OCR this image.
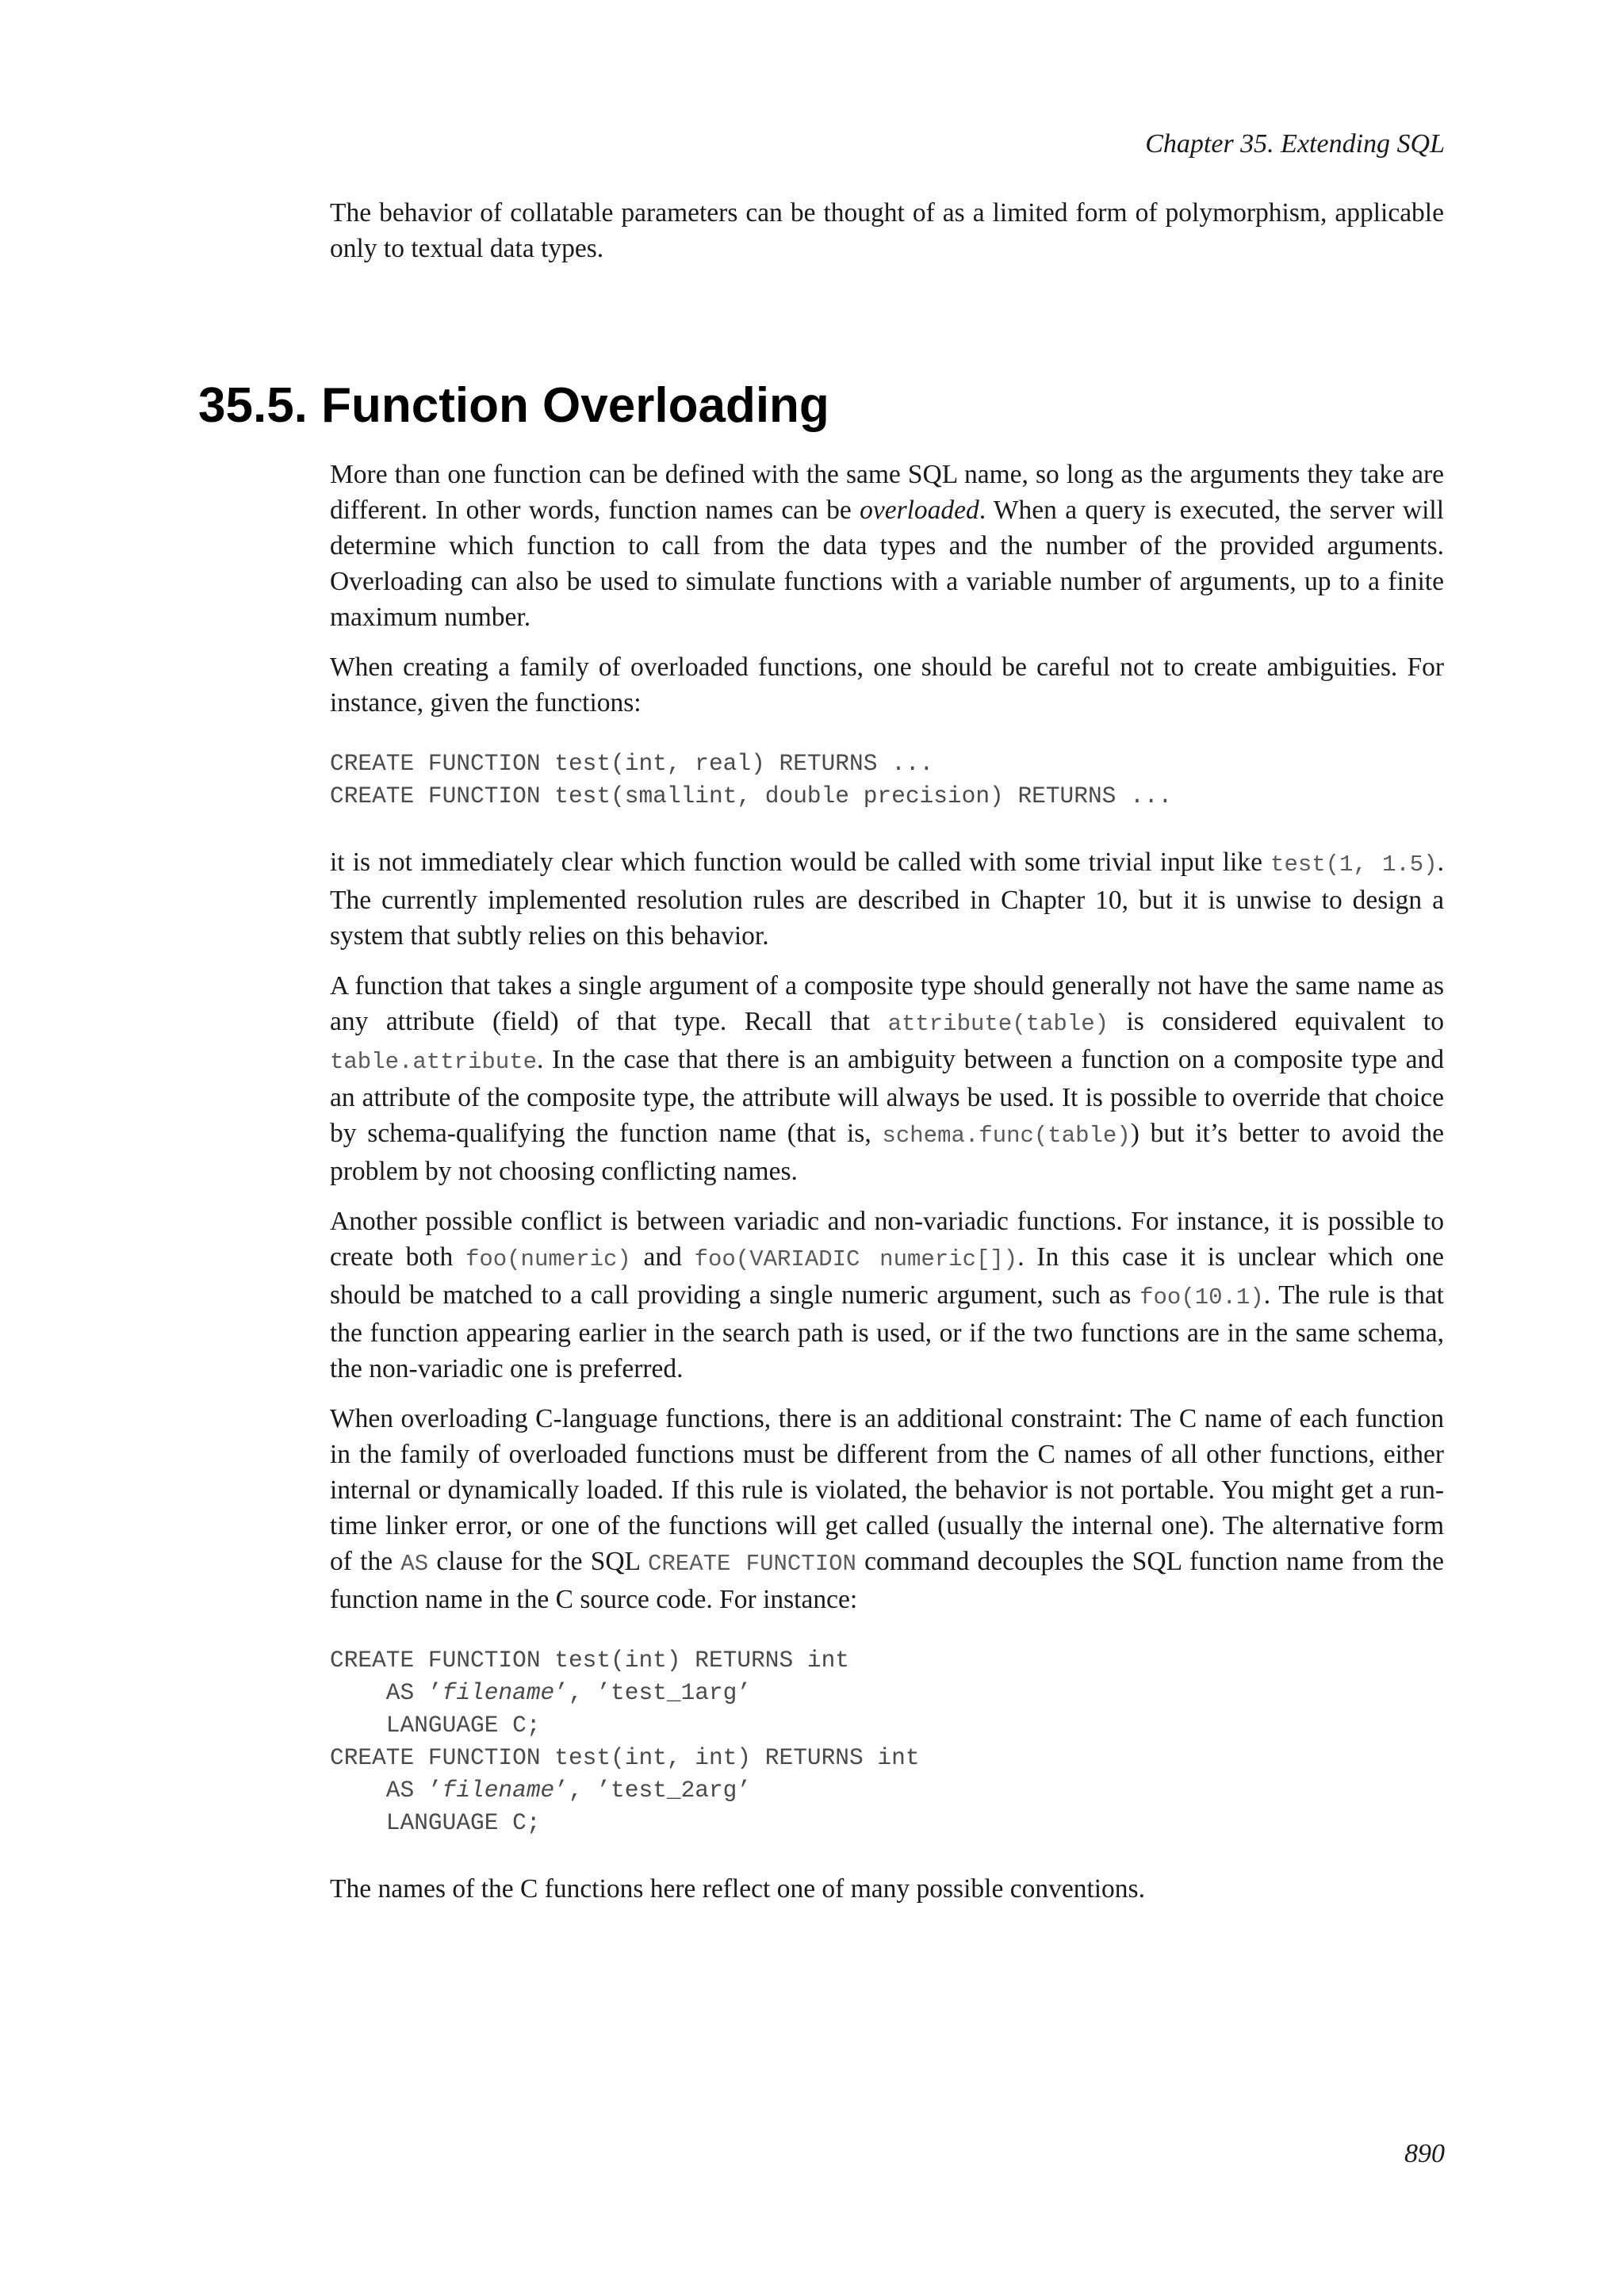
Chapter 35. Extending SQL

The behavior of collatable parameters can be thought of as a limited form of polymorphism, applicable only to textual data types.

35.5. Function Overloading

More than one function can be defined with the same SQL name, so long as the arguments they take are different. In other words, function names can be overloaded. When a query is executed, the server will determine which function to call from the data types and the number of the provided arguments. Overloading can also be used to simulate functions with a variable number of arguments, up to a finite maximum number.

When creating a family of overloaded functions, one should be careful not to create ambiguities. For instance, given the functions:

CREATE FUNCTION test(int, real) RETURNS ...
CREATE FUNCTION test(smallint, double precision) RETURNS ...

it is not immediately clear which function would be called with some trivial input like test(1, 1.5). The currently implemented resolution rules are described in Chapter 10, but it is unwise to design a system that subtly relies on this behavior.

A function that takes a single argument of a composite type should generally not have the same name as any attribute (field) of that type. Recall that attribute(table) is considered equivalent to table.attribute. In the case that there is an ambiguity between a function on a composite type and an attribute of the composite type, the attribute will always be used. It is possible to override that choice by schema-qualifying the function name (that is, schema.func(table)) but it’s better to avoid the problem by not choosing conflicting names.

Another possible conflict is between variadic and non-variadic functions. For instance, it is possible to create both foo(numeric) and foo(VARIADIC numeric[]). In this case it is unclear which one should be matched to a call providing a single numeric argument, such as foo(10.1). The rule is that the function appearing earlier in the search path is used, or if the two functions are in the same schema, the non-variadic one is preferred.

When overloading C-language functions, there is an additional constraint: The C name of each function in the family of overloaded functions must be different from the C names of all other functions, either internal or dynamically loaded. If this rule is violated, the behavior is not portable. You might get a run-time linker error, or one of the functions will get called (usually the internal one). The alternative form of the AS clause for the SQL CREATE FUNCTION command decouples the SQL function name from the function name in the C source code. For instance:

CREATE FUNCTION test(int) RETURNS int
AS ’filename’, ’test_1arg’
LANGUAGE C;
CREATE FUNCTION test(int, int) RETURNS int
AS ’filename’, ’test_2arg’
LANGUAGE C;

The names of the C functions here reflect one of many possible conventions.

890
